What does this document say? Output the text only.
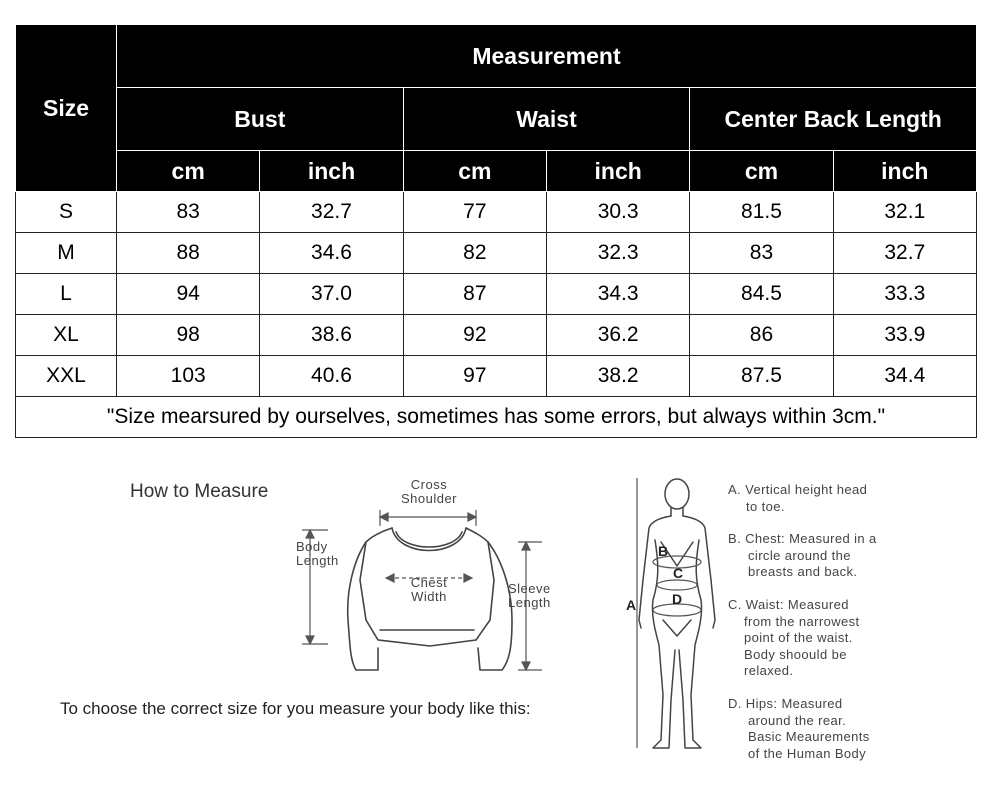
Size	Measurement					
	Bust		Waist		Center Back Length	
	cm	inch	cm	inch	cm	inch
S	83	32.7	77	30.3	81.5	32.1
M	88	34.6	82	32.3	83	32.7
L	94	37.0	87	34.3	84.5	33.3
XL	98	38.6	92	36.2	86	33.9
XXL	103	40.6	97	38.2	87.5	34.4
"Size mearsured by ourselves, sometimes has some errors, but always within 3cm."						
How to Measure	Cross
Shoulder
Body
Length
Chest
Width
Sleeve
Length
To choose the correct size for you measure your body like this:
B
C
D
A

A. Vertical height head

to toe.

B. Chest: Measured in a

circle around the

breasts and back.

C. Waist: Measured

from the narrowest

point of the waist.

Body shoould be

relaxed.

D. Hips: Measured

around the rear.

Basic Meaurements

of the Human Body
